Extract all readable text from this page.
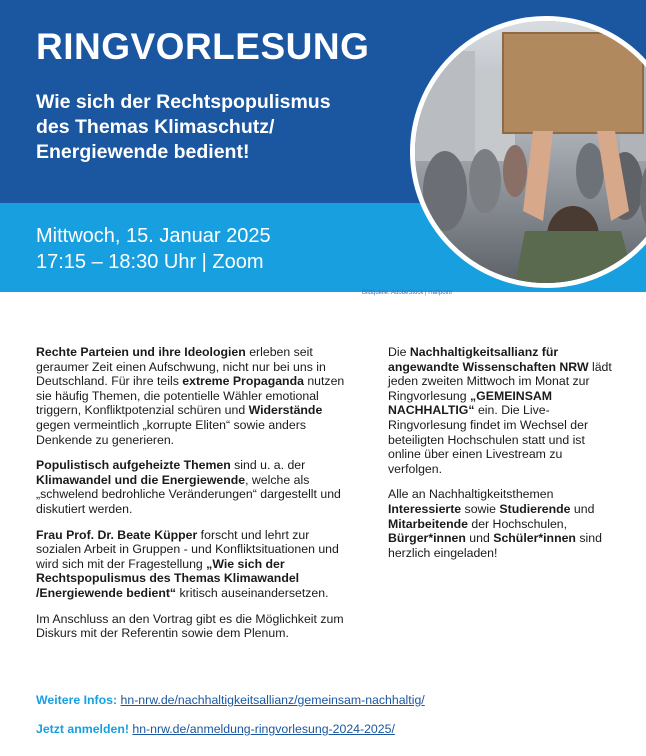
RINGVORLESUNG
Wie sich der Rechtspopulismus
des Themas Klimaschutz/
Energiewende bedient!

Mittwoch, 15. Januar 2025
17:15 – 18:30 Uhr | Zoom

Bildquelle: AdobeStock | Halfpoint

Rechte Parteien und ihre Ideologien erleben seit geraumer Zeit einen Aufschwung, nicht nur bei uns in Deutschland. Für ihre teils extreme Propaganda nutzen sie häufig Themen, die potentielle Wähler emotional triggern, Konfliktpotenzial schüren und Widerstände gegen vermeintlich „korrupte Eliten“ sowie anders Denkende zu generieren.

Populistisch aufgeheizte Themen sind u. a. der Klimawandel und die Energiewende, welche als „schwelend bedrohliche Veränderungen“ dargestellt und diskutiert werden.

Frau Prof. Dr. Beate Küpper forscht und lehrt zur sozialen Arbeit in Gruppen - und Konfliktsituationen und wird sich mit der Fragestellung „Wie sich der Rechtspopulismus des Themas Klimawandel /Energiewende bedient“ kritisch auseinandersetzen.

Im Anschluss an den Vortrag gibt es die Möglichkeit zum Diskurs mit der Referentin sowie dem Plenum.

Die Nachhaltigkeitsallianz für angewandte Wissenschaften NRW lädt jeden zweiten Mittwoch im Monat zur Ringvorlesung „GEMEINSAM NACHHALTIG“ ein. Die Live-Ringvorlesung findet im Wechsel der beteiligten Hochschulen statt und ist online über einen Livestream zu verfolgen.

Alle an Nachhaltigkeitsthemen Interessierte sowie Studierende und Mitarbeitende der Hochschulen, Bürger*innen und Schüler*innen sind herzlich eingeladen!

Weitere Infos: hn-nrw.de/nachhaltigkeitsallianz/gemeinsam-nachhaltig/

Jetzt anmelden! hn-nrw.de/anmeldung-ringvorlesung-2024-2025/
